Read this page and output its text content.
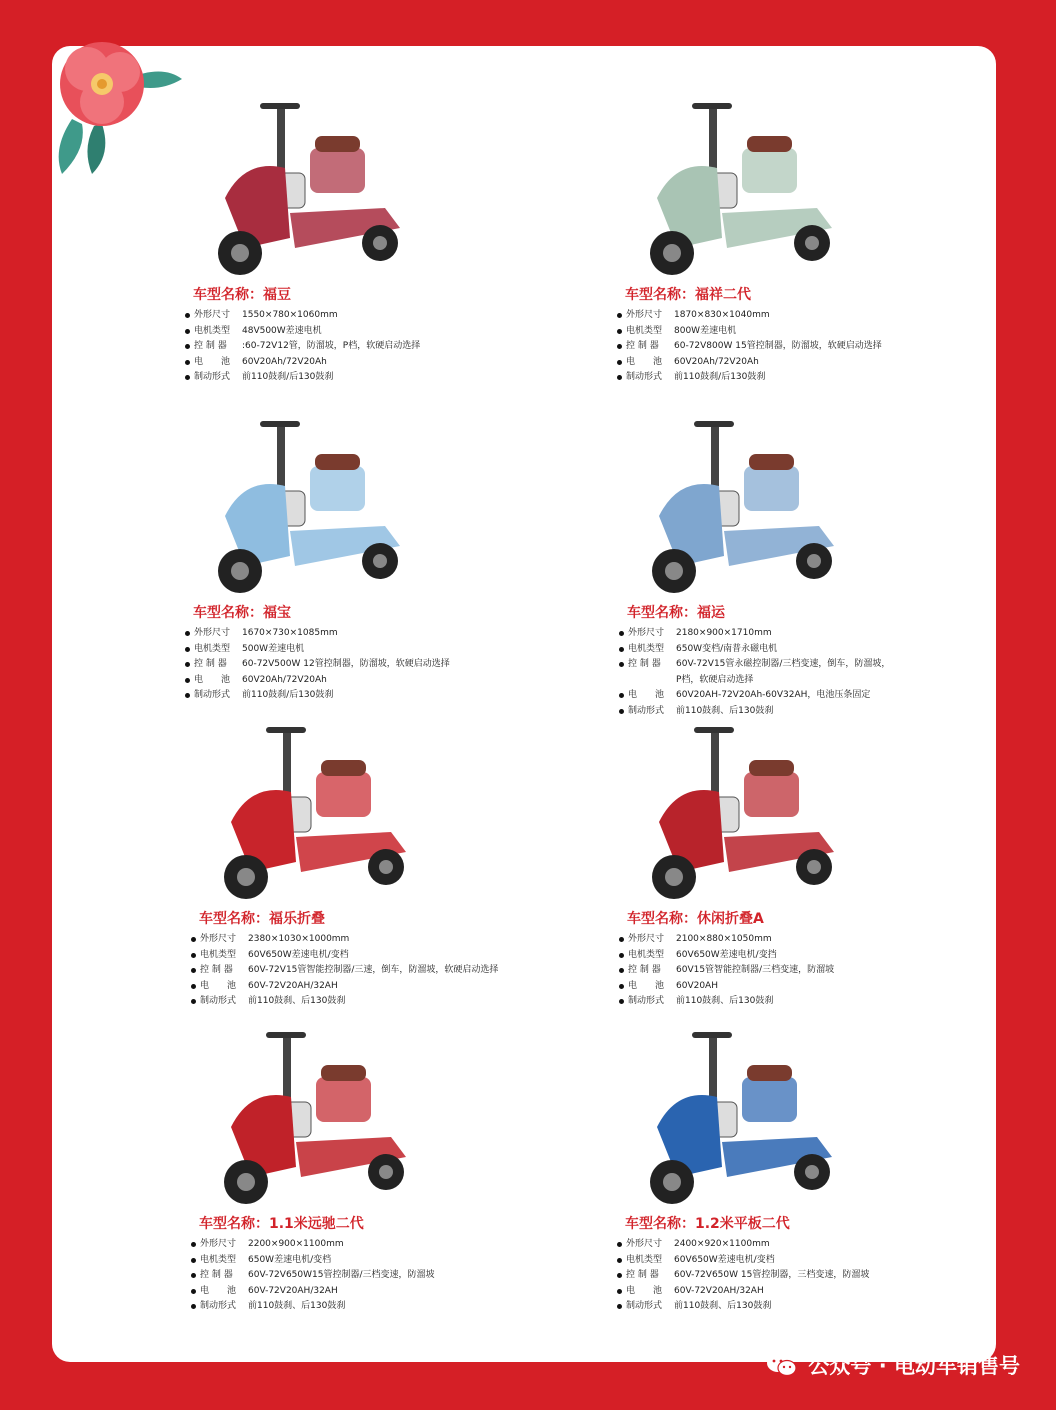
车型名称：福豆
外形尺寸	1550×780×1060mm
电机类型	48V500W差速电机
控 制 器	:60-72V12管，防溜坡，P档，软硬启动选择
电　　池	60V20Ah/72V20Ah
制动形式	前110鼓刹/后130鼓刹
车型名称：福祥二代
外形尺寸	1870×830×1040mm
电机类型	800W差速电机
控 制 器	60-72V800W 15管控制器，防溜坡，软硬启动选择
电　　池	60V20Ah/72V20Ah
制动形式	前110鼓刹/后130鼓刹
车型名称：福宝
外形尺寸	1670×730×1085mm
电机类型	500W差速电机
控 制 器	60-72V500W 12管控制器，防溜坡，软硬启动选择
电　　池	60V20Ah/72V20Ah
制动形式	前110鼓刹/后130鼓刹
车型名称：福运
外形尺寸	2180×900×1710mm
电机类型	650W变档/南普永磁电机
控 制 器	60V-72V15管永磁控制器/三档变速，倒车，防溜坡，
P档，软硬启动选择
电　　池	60V20AH-72V20Ah-60V32AH，电池压条固定
制动形式	前110鼓刹、后130鼓刹
车型名称：福乐折叠
外形尺寸	2380×1030×1000mm
电机类型	60V650W差速电机/变档
控 制 器	60V-72V15管智能控制器/三速，倒车，防溜坡，软硬启动选择
电　　池	60V-72V20AH/32AH
制动形式	前110鼓刹、后130鼓刹
车型名称：休闲折叠A
外形尺寸	2100×880×1050mm
电机类型	60V650W差速电机/变挡
控 制 器	60V15管智能控制器/三档变速，防溜坡
电　　池	60V20AH
制动形式	前110鼓刹、后130鼓刹
车型名称：1.1米远驰二代
外形尺寸	2200×900×1100mm
电机类型	650W差速电机/变档
控 制 器	60V-72V650W15管控制器/三档变速，防溜坡
电　　池	60V-72V20AH/32AH
制动形式	前110鼓刹、后130鼓刹
车型名称：1.2米平板二代
外形尺寸	2400×920×1100mm
电机类型	60V650W差速电机/变档
控 制 器	60V-72V650W 15管控制器，三档变速，防溜坡
电　　池	60V-72V20AH/32AH
制动形式	前110鼓刹、后130鼓刹
公众号 · 电动车销售号
